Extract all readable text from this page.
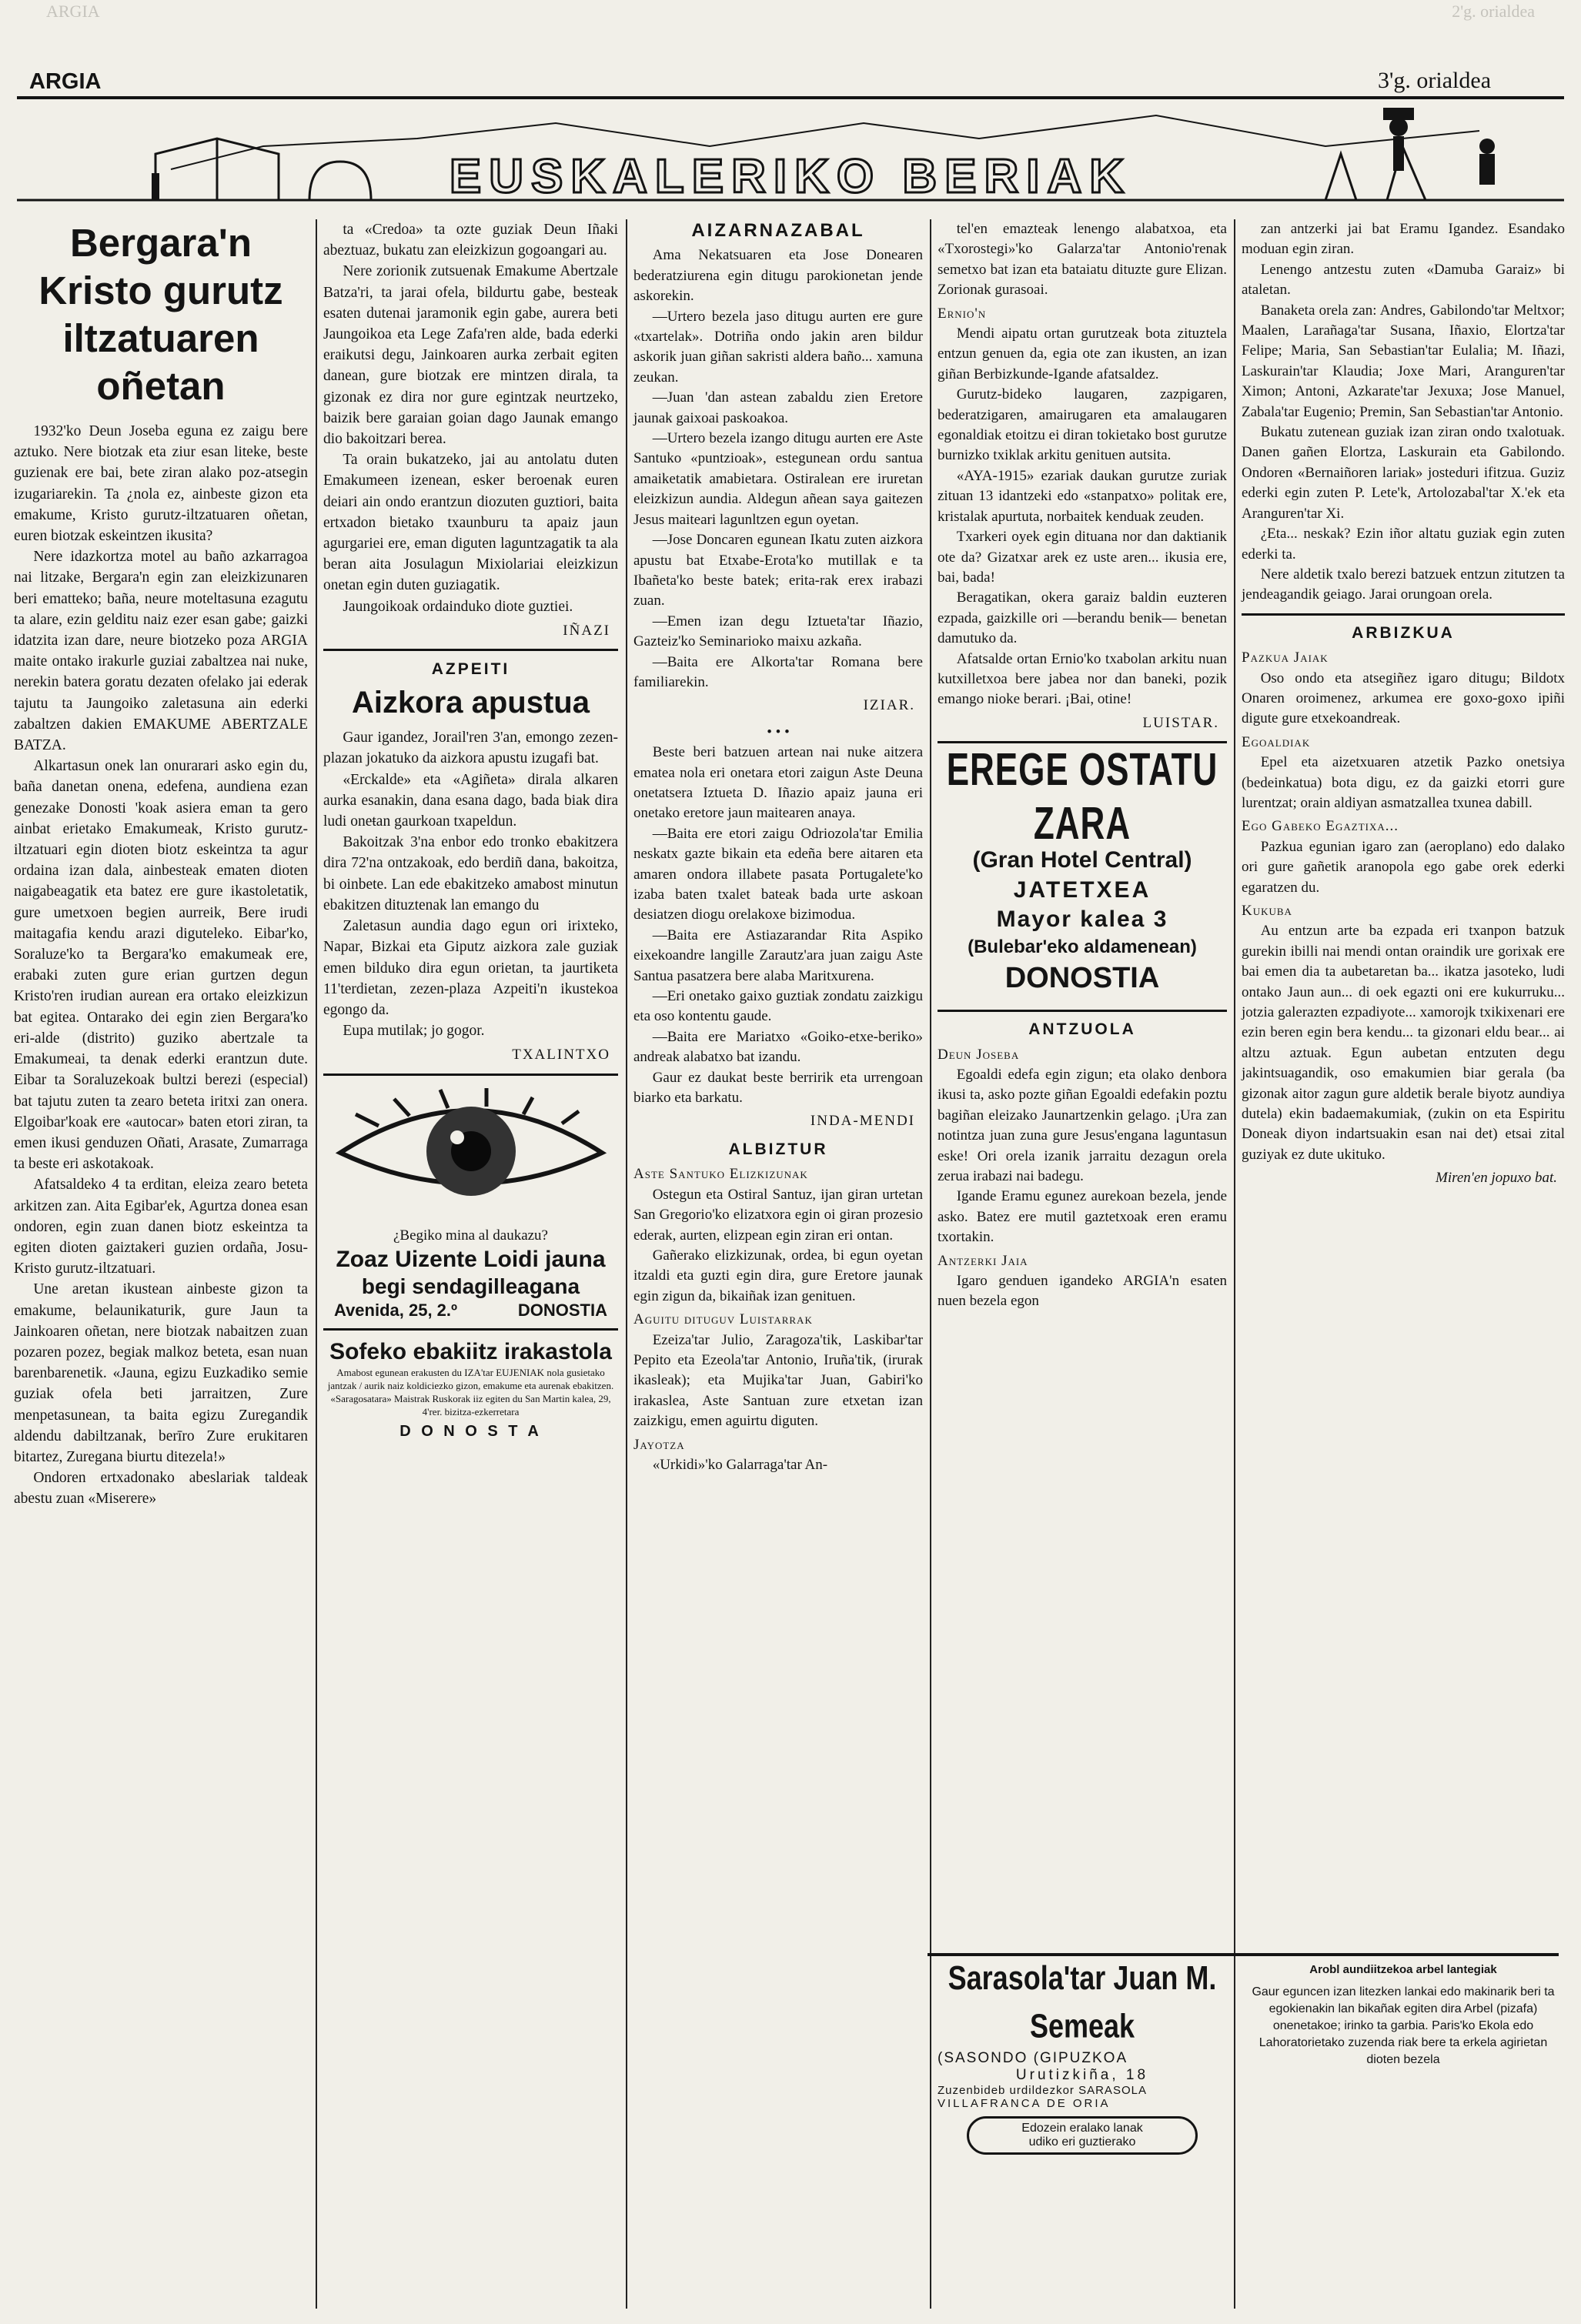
ARGIA	2'g. orialdea
ARGIA	3'g. orialdea
EUSKALERIKO BERIAK
Bergara'n Kristo gurutz iltzatuaren oñetan

1932'ko Deun Joseba eguna ez zaigu bere aztuko. Nere biotzak eta ziur esan liteke, beste guzienak ere bai, bete ziran alako poz-atsegin izugariarekin. Ta ¿nola ez, ainbeste gizon eta emakume, Kristo gurutz-iltzatuaren oñetan, euren biotzak eskeintzen ikusita?

Nere idazkortza motel au baño azkarragoa nai litzake, Bergara'n egin zan eleizkizunaren beri ematteko; baña, neure moteltasuna ezagutu ta alare, ezin gelditu naiz ezer esan gabe; gaizki idatzita izan dare, neure biotzeko poza ARGIA maite ontako irakurle guziai zabaltzea nai nuke, nerekin batera goratu dezaten ofelako jai ederak tajutu ta Jaungoiko zaletasuna ain ederki zabaltzen dakien EMAKUME ABERTZALE BATZA.

Alkartasun onek lan onurarari asko egin du, baña danetan onena, edefena, aundiena ezan genezake Donosti 'koak asiera eman ta gero ainbat erietako Emakumeak, Kristo gurutz-iltzatuari egin dioten biotz eskeintza ta agur ordaina izan dala, ainbesteak ematen dioten naigabeagatik eta batez ere gure ikastoletatik, gure umetxoen begien aurreik, Bere irudi maitagafia kendu arazi diguteleko. Eibar'ko, Soraluze'ko ta Bergara'ko emakumeak ere, erabaki zuten gure erian gurtzen degun Kristo'ren irudian aurean era ortako eleizkizun bat egitea. Ontarako dei egin zien Bergara'ko eri-alde (distrito) guziko abertzale ta Emakumeai, ta denak ederki erantzun dute. Eibar ta Soraluzekoak bultzi berezi (especial) bat tajutu zuten ta zearo beteta iritxi zan onera. Elgoibar'koak ere «autocar» baten etori ziran, ta emen ikusi genduzen Oñati, Arasate, Zumarraga ta beste eri askotakoak.

Afatsaldeko 4 ta erditan, eleiza zearo beteta arkitzen zan. Aita Egibar'ek, Agurtza donea esan ondoren, egin zuan danen biotz eskeintza ta egiten dioten gaiztakeri guzien ordaña, Josu-Kristo gurutz-iltzatuari.

Une aretan ikustean ainbeste gizon ta emakume, belaunikaturik, gure Jaun ta Jainkoaren oñetan, nere biotzak nabaitzen zuan pozaren pozez, begiak malkoz beteta, esan nuan barenbarenetik. «Jauna, egizu Euzkadiko semie guziak ofela beti jarraitzen, Zure menpetasunean, ta baita egizu Zuregandik aldendu dabiltzanak, berīro Zure erukitaren bitartez, Zuregana biurtu ditezela!»

Ondoren ertxadonako abeslariak taldeak abestu zuan «Miserere»

ta «Credoa» ta ozte guziak Deun Iñaki abeztuaz, bukatu zan eleizkizun gogoangari au.

Nere zorionik zutsuenak Emakume Abertzale Batza'ri, ta jarai ofela, bildurtu gabe, besteak esaten dutenai jaramonik egin gabe, aurera beti Jaungoikoa eta Lege Zafa'ren alde, bada ederki eraikutsi degu, Jainkoaren aurka zerbait egiten danean, gure biotzak ere mintzen dirala, ta gizonak ez dira nor gure egintzak neurtzeko, baizik bere garaian goian dago Jaunak emango dio bakoitzari berea.

Ta orain bukatzeko, jai au antolatu duten Emakumeen izenean, esker beroenak euren deiari ain ondo erantzun diozuten guztiori, baita ertxadon bietako txaunburu ta apaiz jaun agurgariei ere, eman diguten laguntzagatik ta ala beran aita Josulagun Mixiolariai eleizkizun onetan egin duten guziagatik.

Jaungoikoak ordainduko diote guztiei.

IÑAZI
AZPEITI
Aizkora apustua

Gaur igandez, Jorail'ren 3'an, emongo zezen-plazan jokatuko da aizkora apustu izugafi bat.

«Erckalde» eta «Agiñeta» dirala alkaren aurka esanakin, dana esana dago, bada biak dira ludi oneŧan gaurkoan txapeldun.

Bakoitzak 3'na enbor edo tronko ebakitzera dira 72'na ontzakoak, edo berdiñ dana, bakoitza, bi oinbete. Lan ede ebakitzeko amabost minutun ebakitzen dituztenak lan emango du

Zaletasun aundia dago egun ori irixteko, Napar, Bizkai eta Giputz aizkora zale guziak emen bilduko dira egun orietan, ta jaurtiketa 11'terdietan, zezen-plaza Azpeiti'n ikustekoa egongo da.

Eupa mutilak; jo gogor.

TXALINTXO
¿Begiko mina al daukazu?
Zoaz Uizente Loidi jauna
begi sendagilleagana
Avenida, 25, 2.º	DONOSTIA
Sofeko ebakiitz irakastola
Amabost egunean erakusten du IZA'tar EUJENIAK nola gusietako jantzak / aurik naiz koldiciezko gizon, emakume eta aurenak ebakitzen. «Saragosatara» Maistrak Ruskorak iiz egiten du San Martin kalea, 29, 4'rer. bizitza-ezkerretara
D O N O S T A
AIZARNAZABAL

Ama Nekatsuaren eta Jose Donearen bederatziurena egin ditugu parokionetan jende askorekin.

—Urtero bezela jaso ditugu aurten ere gure «txartelak». Dotriña ondo jakin aren bildur askorik juan giñan sakristi aldera baño... xamuna zeukan.

—Juan 'dan astean zabaldu zien Eretore jaunak gaixoai paskoakoa.

—Urtero bezela izango ditugu aurten ere Aste Santuko «puntzioak», estegunean ordu santua amaiketatik amabietara. Ostiralean ere iruretan eleizkizun aundia. Aldegun añean saya gaitezen Jesus maiteari lagunltzen egun oyetan.

—Jose Doncaren egunean Ikatu zuten aizkora apustu bat Etxabe-Erota'ko mutillak e ta Ibañeta'ko beste batek; erita-rak erex irabazi zuan.

—Emen izan degu Iztueta'tar Iñazio, Gazteiz'ko Seminarioko maixu azkaña.

—Baita ere Alkorta'tar Romana bere familiarekin.

IZIAR.
• • •

Beste beri batzuen artean nai nuke aitzera ematea nola eri onetara etori zaigun Aste Deuna onetatsera Iztueta D. Iñazio apaiz jauna eri onetako eretore jaun maitearen anaya.

—Baita ere etori zaigu Odriozola'tar Emilia neskatx gazte bikain eta edeña bere aitaren eta amaren ondora illabete pasata Portugalete'ko izaba baten txalet bateak bada urte askoan desiatzen diogu orelakoxe bizimodua.

—Baita ere Astiazarandar Rita Aspiko eixekoandre langille Zarautz'ara juan zaigu Aste Santua pasatzera bere alaba Maritxurena.

—Eri onetako gaixo guztiak zondatu zaizkigu eta oso kontentu gaude.

—Baita ere Mariatxo «Goiko-etxe-beriko» andreak alabatxo bat izandu.

Gaur ez daukat beste berririk eta urrengoan biarko eta barkatu.

INDA-MENDI
ALBIZTUR
Aste Santuko Elizkizunak

Ostegun eta Ostiral Santuz, ijan giran urtetan San Gregorio'ko elizatxora egin oi giran prozesio ederak, aurten, elizpean egin ziran eri ontan.

Gañerako elizkizunak, ordea, bi egun oyetan itzaldi eta guzti egin dira, gure Eretore jaunak egin zigun da, bikaiñak izan genituen.

Aguitu dituguv Luistarrak

Ezeiza'tar Julio, Zaragoza'tik, Laskibar'tar Pepito eta Ezeola'tar Antonio, Iruña'tik, (irurak ikasleak); eta Mujika'tar Juan, Gabiri'ko irakaslea, Aste Santuan zure etxetan izan zaizkigu, emen aguirtu diguten.

Jayotza

«Urkidi»'ko Galarraga'tar An-

tel'en emazteak lenengo alabatxoa, eta «Txorostegi»'ko Galarza'tar Antonio'renak semetxo bat izan eta bataiatu dituzte gure Elizan. Zorionak gurasoai.

Ernio'n

Mendi aipatu ortan gurutzeak bota zituztela entzun genuen da, egia ote zan ikusten, an izan giñan Berbizkunde-Igande afatsaldez.

Gurutz-bideko laugaren, zazpigaren, bederatzigaren, amairugaren eta amalaugaren egonaldiak etoitzu ei diran tokietako bost gurutze burnizko txiklak arkitu genituen autsita.

«AYA-1915» ezariak daukan gurutze zuriak zituan 13 idantzeki edo «stanpatxo» politak ere, kristalak apurtuta, norbaitek kenduak zeuden.

Txarkeri oyek egin dituana nor dan daktianik ote da? Gizatxar arek ez uste aren... ikusia ere, bai, bada!

Beragatikan, okera garaiz baldin euzteren ezpada, gaizkille ori —berandu benik— benetan damutuko da.

Afatsalde ortan Ernio'ko txabolan arkitu nuan kutxilletxoa bere jabea nor dan baneki, pozik emango nioke berari. ¡Bai, otine!

LUISTAR.
EREGE OSTATU ZARA
(Gran Hotel Central)
JATETXEA
Mayor kalea 3
(Bulebar'eko aldamenean)
DONOSTIA
ANTZUOLA
Deun Joseba

Egoaldi edefa egin zigun; eta olako denbora ikusi ta, asko pozte giñan Egoaldi edefakin poztu bagiñan eleizako Jaunartzenkin gelago. ¡Ura zan notintza juan zuna gure Jesus'engana laguntasun eske! Ori orela izanik jarraitu dezagun orela zerua irabazi nai badegu.

Igande Eramu egunez aurekoan bezela, jende asko. Batez ere mutil gaztetxoak eren eramu txortakin.

Antzerki Jaia

Igaro genduen igandeko ARGIA'n esaten nuen bezela egon

Sarasola'tar Juan M. Semeak
(SASONDO (GIPUZKOA
Urutizkiña, 18
Zuzenbideb urdildezkor SARASOLA
VILLAFRANCA DE ORIA
Edozein eralako lanak
udiko eri guztierako

zan antzerki jai bat Eramu Igandez. Esandako moduan egin ziran.

Lenengo antzestu zuten «Damuba Garaiz» bi ataletan.

Banaketa orela zan: Andres, Gabilondo'tar Meltxor; Maalen, Larañaga'tar Susana, Iñaxio, Elortza'tar Felipe; Maria, San Sebastian'tar Eulalia; M. Iñazi, Laskurain'tar Klaudia; Joxe Mari, Aranguren'tar Ximon; Antoni, Azkarate'tar Jexuxa; Jose Manuel, Zabala'tar Eugenio; Premin, San Sebastian'tar Antonio.

Bukatu zutenean guziak izan ziran ondo txalotuak. Danen gañen Elortza, Laskurain eta Gabilondo. Ondoren «Bernaiñoren lariak» josteduri ifitzua. Guziz ederki egin zuten P. Lete'k, Artolozabal'tar X.'ek eta Aranguren'tar Xi.

¿Eta... neskak? Ezin iñor altatu guziak egin zuten ederki ta.

Nere aldetik txalo berezi batzuek entzun zitutzen ta jendeagandik geiago. Jarai orungoan orela.

ARBIZKUA
Pazkua Jaiak

Oso ondo eta atsegiñez igaro ditugu; Bildotx Onaren oroimenez, arkumea ere goxo-goxo ipiñi digute gure etxekoandreak.

Egoaldiak

Epel eta aizetxuaren atzetik Pazko onetsiya (bedeinkatua) bota digu, ez da gaizki etorri gure lurentzat; orain aldiyan asmatzallea txunea dabill.

Ego Gabeko Egaztixa...

Pazkua egunian igaro zan (aeroplano) edo dalako ori gure gañetik aranopola ego gabe orek ederki egaratzen du.

Kukuba

Au entzun arte ba ezpada eri txanpon batzuk gurekin ibilli nai mendi ontan oraindik ure gorixak ere bai emen dia ta aubetaretan ba... ikatza jasoteko, ludi ontako Jaun aun... di oek egazti oni ere kukurruku... jotzia galerazten ezpadiyote... xamorojk txikixenari ere ezin beren egin bera kendu... ta gizonari eldu bear... ai altzu aztuak. Egun aubetan entzuten degu jakintsuagandik, oso emakumien biar gerala (ba gizonak aitor zagun gure aldetik berale biyotz aundiya dutela) ekin badaemakumiak, (zukin on eta Espiritu Doneak diyon indartsuakin esan nai det) etsai zital guziyak ez dute ukituko.

Miren'en jopuxo bat.
Arobl aundiitzekoa arbel lantegiak
Gaur eguncen izan litezken lankai edo makinarik beri ta egokienakin lan bikañak egiten dira Arbel (pizafa) onenetakoe; irinko ta garbia. Paris'ko Ekola edo Lahoratorietako zuzenda riak bere ta erkela agirietan dioten bezela
